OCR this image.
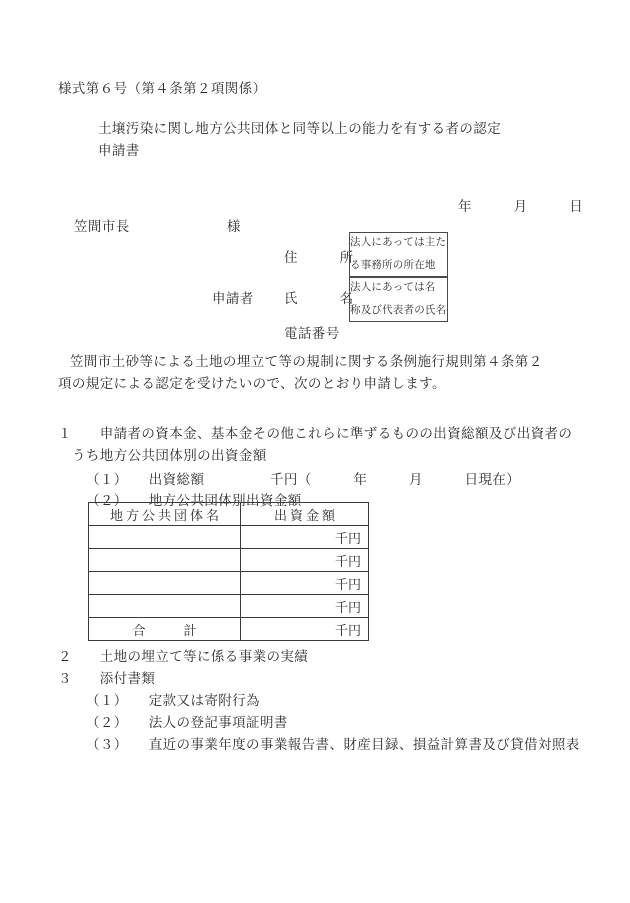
様式第６号（第４条第２項関係）
土壌汚染に関し地方公共団体と同等以上の能力を有する者の認定
申請書
年　　　月　　　日
笠間市長　　　　　　　様
住　　　所
申請者 氏　　　名
電話番号
法人にあっては主た
る事務所の所在地
法人にあっては名
称及び代表者の氏名
笠間市土砂等による土地の埋立て等の規制に関する条例施行規則第４条第２
項の規定による認定を受けたいので、次のとおり申請します。
１　　申請者の資本金、基本金その他これらに準ずるものの出資総額及び出資者の
うち地方公共団体別の出資金額
（１）　　出資総額	千円（　　　年　　　月　　　日現在）
（２）　　地方公共団体別出資金額
地方公共団体名	出資金額
	千円
	千円
	千円
	千円
合 計	千円
２　　土地の埋立て等に係る事業の実績
３　　添付書類
（１）　　定款又は寄附行為
（２）　　法人の登記事項証明書
（３）　　直近の事業年度の事業報告書、財産目録、損益計算書及び貸借対照表
